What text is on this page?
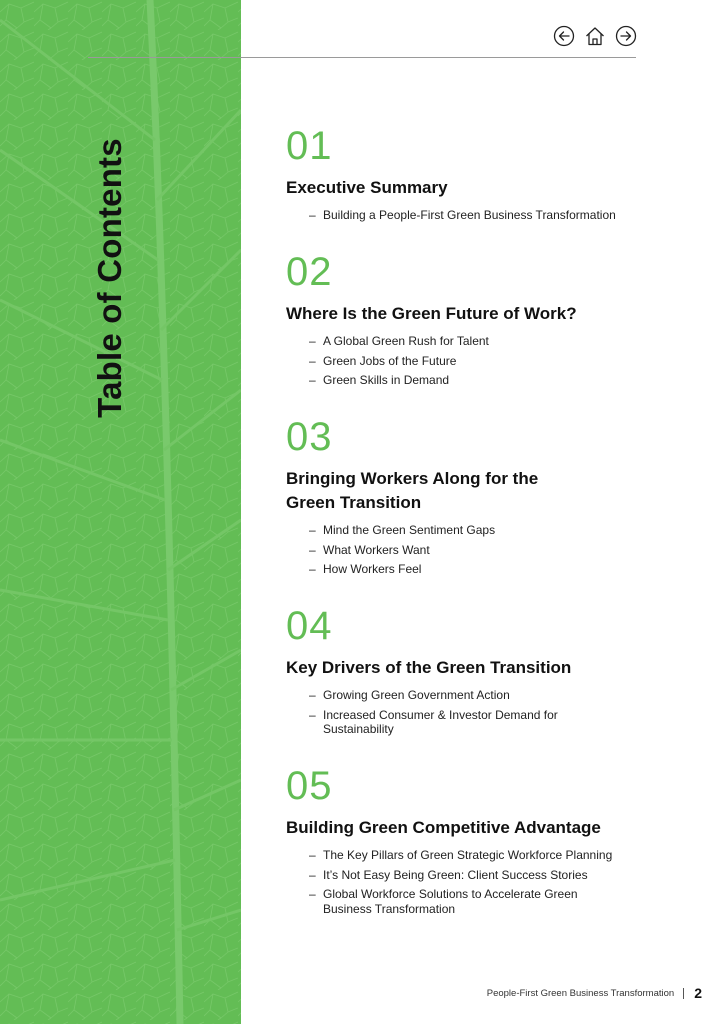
Table of Contents	01
Executive Summary
– Building a People-First Green Business Transformation
02
Where Is the Green Future of Work?
– A Global Green Rush for Talent
– Green Jobs of the Future
– Green Skills in Demand
03
Bringing Workers Along for the Green Transition
– Mind the Green Sentiment Gaps
– What Workers Want
– How Workers Feel
04
Key Drivers of the Green Transition
– Growing Green Government Action
– Increased Consumer & Investor Demand for Sustainability
05
Building Green Competitive Advantage
– The Key Pillars of Green Strategic Workforce Planning
– It’s Not Easy Being Green: Client Success Stories
– Global Workforce Solutions to Accelerate Green Business Transformation
People-First Green Business Transformation 2
